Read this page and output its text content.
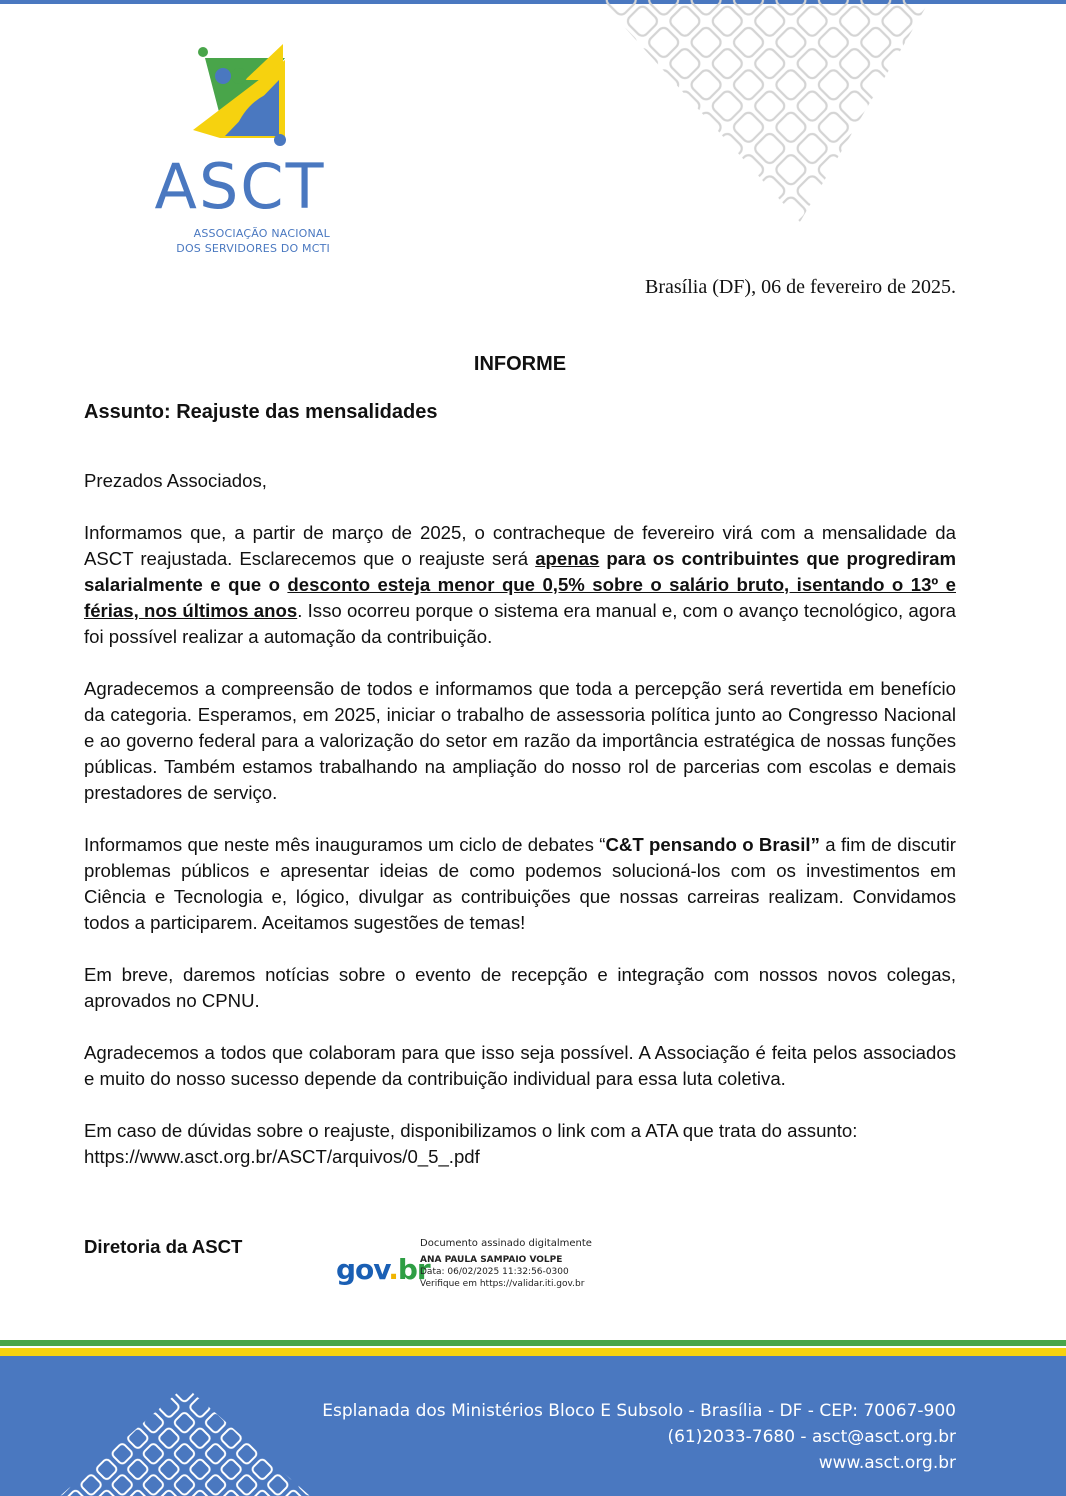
ASCT
ASSOCIAÇÃO NACIONAL
DOS SERVIDORES DO MCTI
Brasília (DF), 06 de fevereiro de 2025.
INFORME
Assunto: Reajuste das mensalidades

Prezados Associados,

Informamos que, a partir de março de 2025, o contracheque de fevereiro virá com a mensalidade da ASCT reajustada. Esclarecemos que o reajuste será apenas para os contribuintes que progrediram salarialmente e que o desconto esteja menor que 0,5% sobre o salário bruto, isentando o 13º e férias, nos últimos anos. Isso ocorreu porque o sistema era manual e, com o avanço tecnológico, agora foi possível realizar a automação da contribuição.

Agradecemos a compreensão de todos e informamos que toda a percepção será revertida em benefício da categoria. Esperamos, em 2025, iniciar o trabalho de assessoria política junto ao Congresso Nacional e ao governo federal para a valorização do setor em razão da importância estratégica de nossas funções públicas. Também estamos trabalhando na ampliação do nosso rol de parcerias com escolas e demais prestadores de serviço.

Informamos que neste mês inauguramos um ciclo de debates “C&T pensando o Brasil” a fim de discutir problemas públicos e apresentar ideias de como podemos solucioná-los com os investimentos em Ciência e Tecnologia e, lógico, divulgar as contribuições que nossas carreiras realizam. Convidamos todos a participarem. Aceitamos sugestões de temas!

Em breve, daremos notícias sobre o evento de recepção e integração com nossos novos colegas, aprovados no CPNU.

Agradecemos a todos que colaboram para que isso seja possível. A Associação é feita pelos associados e muito do nosso sucesso depende da contribuição individual para essa luta coletiva.

Em caso de dúvidas sobre o reajuste, disponibilizamos o link com a ATA que trata do assunto:
https://www.asct.org.br/ASCT/arquivos/0_5_.pdf

Diretoria da ASCT
gov.br
Documento assinado digitalmente
ANA PAULA SAMPAIO VOLPE
Data: 06/02/2025 11:32:56-0300
Verifique em https://validar.iti.gov.br
Esplanada dos Ministérios Bloco E Subsolo - Brasília - DF - CEP: 70067-900
(61)2033-7680 - asct@asct.org.br
www.asct.org.br
